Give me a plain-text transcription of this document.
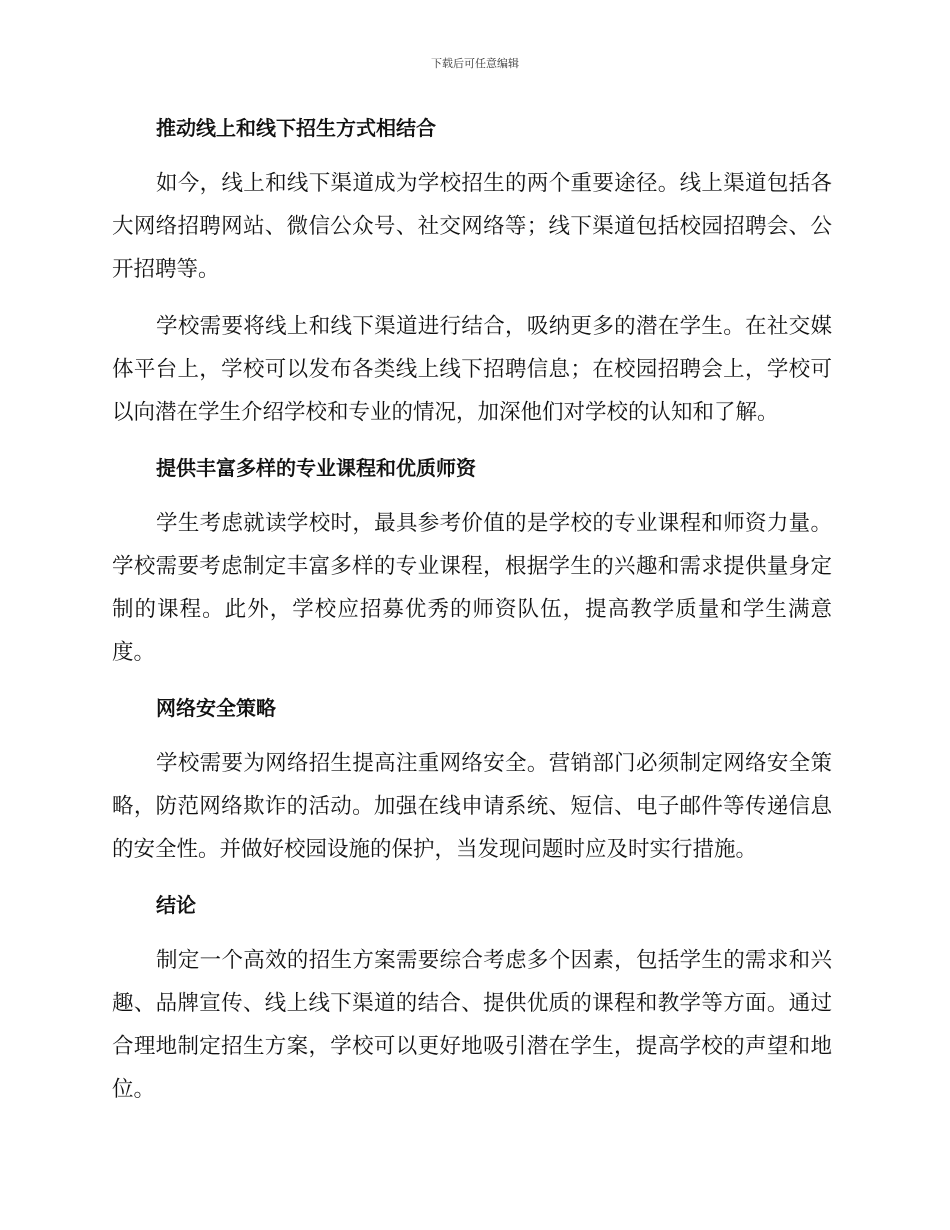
下载后可任意编辑
推动线上和线下招生方式相结合

如今，线上和线下渠道成为学校招生的两个重要途径。线上渠道包括各大网络招聘网站、微信公众号、社交网络等；线下渠道包括校园招聘会、公开招聘等。

学校需要将线上和线下渠道进行结合，吸纳更多的潜在学生。在社交媒体平台上，学校可以发布各类线上线下招聘信息；在校园招聘会上，学校可以向潜在学生介绍学校和专业的情况，加深他们对学校的认知和了解。

提供丰富多样的专业课程和优质师资

学生考虑就读学校时，最具参考价值的是学校的专业课程和师资力量。学校需要考虑制定丰富多样的专业课程，根据学生的兴趣和需求提供量身定制的课程。此外，学校应招募优秀的师资队伍，提高教学质量和学生满意度。

网络安全策略

学校需要为网络招生提高注重网络安全。营销部门必须制定网络安全策略，防范网络欺诈的活动。加强在线申请系统、短信、电子邮件等传递信息的安全性。并做好校园设施的保护，当发现问题时应及时实行措施。

结论

制定一个高效的招生方案需要综合考虑多个因素，包括学生的需求和兴趣、品牌宣传、线上线下渠道的结合、提供优质的课程和教学等方面。通过合理地制定招生方案，学校可以更好地吸引潜在学生，提高学校的声望和地位。
